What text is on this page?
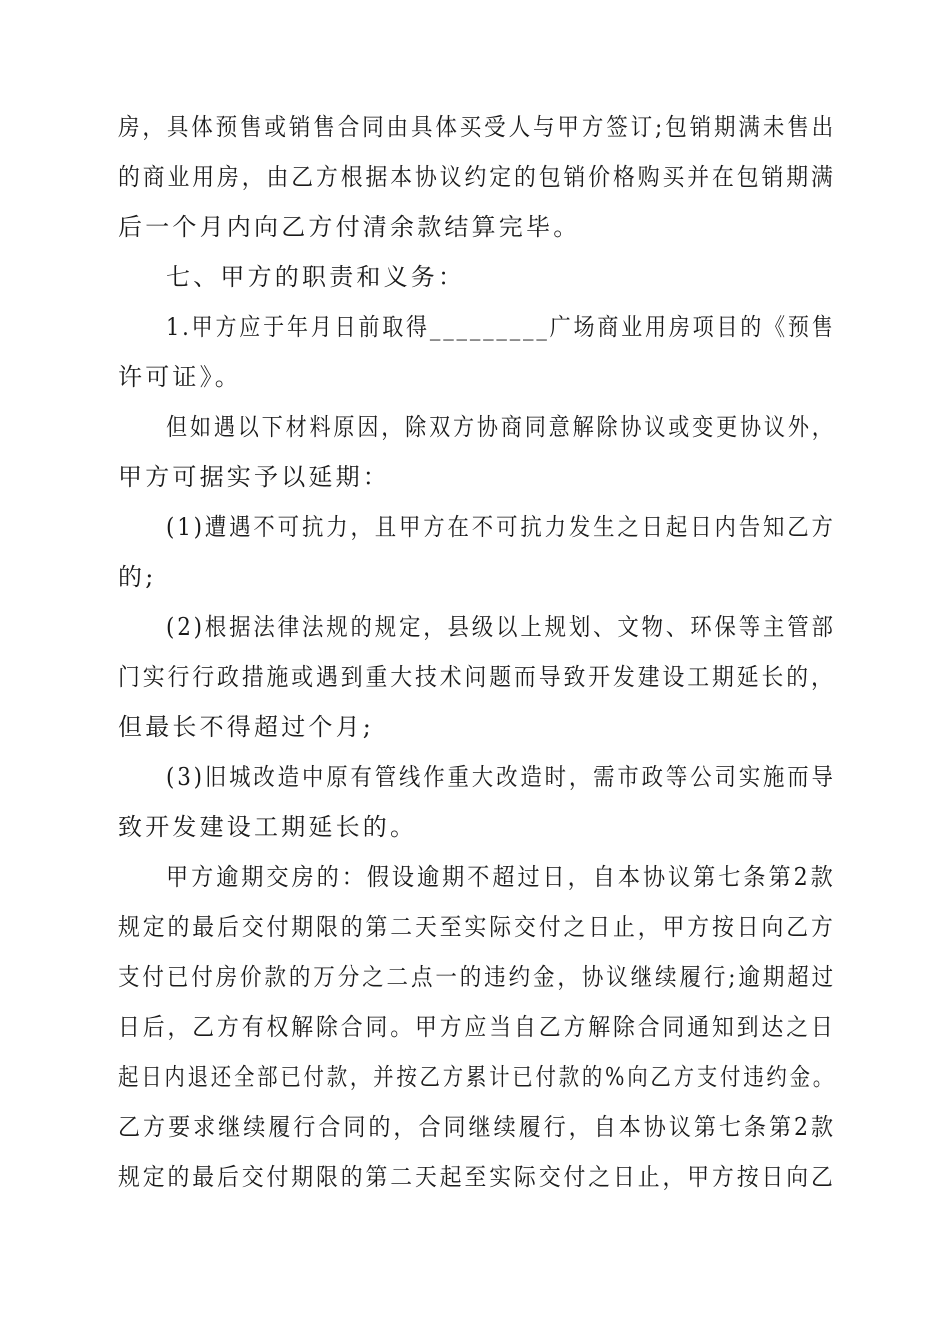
房，具体预售或销售合同由具体买受人与甲方签订;包销期满未售出
的商业用房，由乙方根据本协议约定的包销价格购买并在包销期满
后一个月内向乙方付清余款结算完毕。
七、甲方的职责和义务：
1.甲方应于年月日前取得_________广场商业用房项目的《预售
许可证》。
但如遇以下材料原因，除双方协商同意解除协议或变更协议外，
甲方可据实予以延期：
(1)遭遇不可抗力，且甲方在不可抗力发生之日起日内告知乙方
的;
(2)根据法律法规的规定，县级以上规划、文物、环保等主管部
门实行行政措施或遇到重大技术问题而导致开发建设工期延长的，
但最长不得超过个月;
(3)旧城改造中原有管线作重大改造时，需市政等公司实施而导
致开发建设工期延长的。
甲方逾期交房的：假设逾期不超过日，自本协议第七条第2款
规定的最后交付期限的第二天至实际交付之日止，甲方按日向乙方
支付已付房价款的万分之二点一的违约金，协议继续履行;逾期超过
日后，乙方有权解除合同。甲方应当自乙方解除合同通知到达之日
起日内退还全部已付款，并按乙方累计已付款的%向乙方支付违约金。
乙方要求继续履行合同的，合同继续履行，自本协议第七条第2款
规定的最后交付期限的第二天起至实际交付之日止，甲方按日向乙
